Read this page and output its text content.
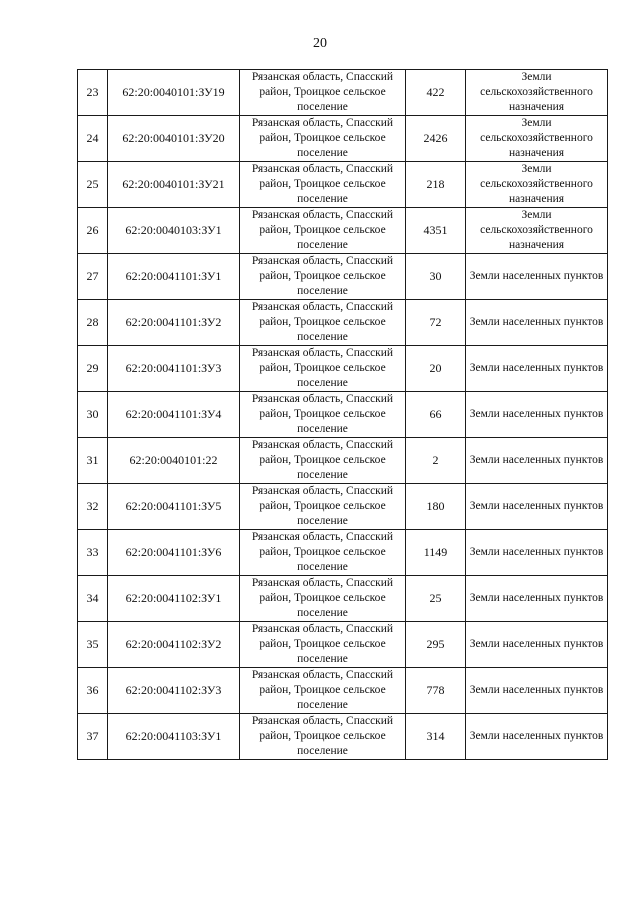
20
23	62:20:0040101:ЗУ19	Рязанская область, Спасский район, Троицкое сельское поселение	422	Земли сельскохозяйственного назначения
24	62:20:0040101:ЗУ20	Рязанская область, Спасский район, Троицкое сельское поселение	2426	Земли сельскохозяйственного назначения
25	62:20:0040101:ЗУ21	Рязанская область, Спасский район, Троицкое сельское поселение	218	Земли сельскохозяйственного назначения
26	62:20:0040103:ЗУ1	Рязанская область, Спасский район, Троицкое сельское поселение	4351	Земли сельскохозяйственного назначения
27	62:20:0041101:ЗУ1	Рязанская область, Спасский район, Троицкое сельское поселение	30	Земли населенных пунктов
28	62:20:0041101:ЗУ2	Рязанская область, Спасский район, Троицкое сельское поселение	72	Земли населенных пунктов
29	62:20:0041101:ЗУ3	Рязанская область, Спасский район, Троицкое сельское поселение	20	Земли населенных пунктов
30	62:20:0041101:ЗУ4	Рязанская область, Спасский район, Троицкое сельское поселение	66	Земли населенных пунктов
31	62:20:0040101:22	Рязанская область, Спасский район, Троицкое сельское поселение	2	Земли населенных пунктов
32	62:20:0041101:ЗУ5	Рязанская область, Спасский район, Троицкое сельское поселение	180	Земли населенных пунктов
33	62:20:0041101:ЗУ6	Рязанская область, Спасский район, Троицкое сельское поселение	1149	Земли населенных пунктов
34	62:20:0041102:ЗУ1	Рязанская область, Спасский район, Троицкое сельское поселение	25	Земли населенных пунктов
35	62:20:0041102:ЗУ2	Рязанская область, Спасский район, Троицкое сельское поселение	295	Земли населенных пунктов
36	62:20:0041102:ЗУ3	Рязанская область, Спасский район, Троицкое сельское поселение	778	Земли населенных пунктов
37	62:20:0041103:ЗУ1	Рязанская область, Спасский район, Троицкое сельское поселение	314	Земли населенных пунктов
